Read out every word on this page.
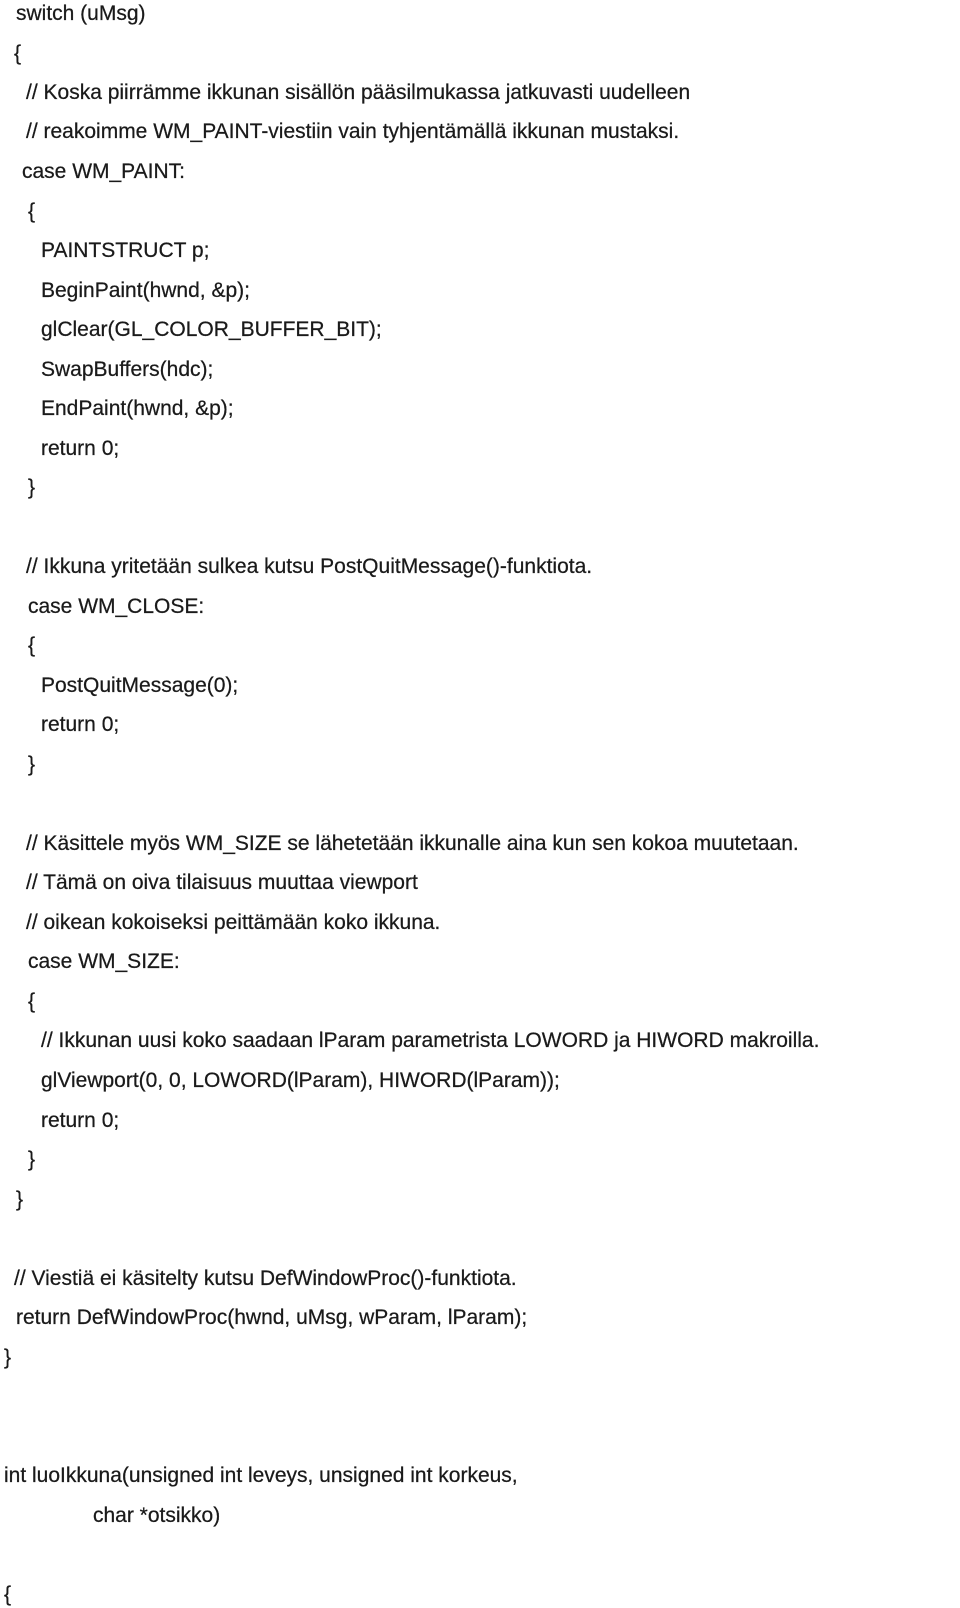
switch (uMsg)
{
// Koska piirrämme ikkunan sisällön pääsilmukassa jatkuvasti uudelleen
// reakoimme WM_PAINT-viestiin vain tyhjentämällä ikkunan mustaksi.
case WM_PAINT:
{
PAINTSTRUCT p;
BeginPaint(hwnd, &p);
glClear(GL_COLOR_BUFFER_BIT);
SwapBuffers(hdc);
EndPaint(hwnd, &p);
return 0;
}
// Ikkuna yritetään sulkea kutsu PostQuitMessage()-funktiota.
case WM_CLOSE:
{
PostQuitMessage(0);
return 0;
}
// Käsittele myös WM_SIZE se lähetetään ikkunalle aina kun sen kokoa muutetaan.
// Tämä on oiva tilaisuus muuttaa viewport
// oikean kokoiseksi peittämään koko ikkuna.
case WM_SIZE:
{
// Ikkunan uusi koko saadaan lParam parametrista LOWORD ja HIWORD makroilla.
glViewport(0, 0, LOWORD(lParam), HIWORD(lParam));
return 0;
}
}
// Viestiä ei käsitelty kutsu DefWindowProc()-funktiota.
return DefWindowProc(hwnd, uMsg, wParam, lParam);
}
int luoIkkuna(unsigned int leveys, unsigned int korkeus,
char *otsikko)
{
